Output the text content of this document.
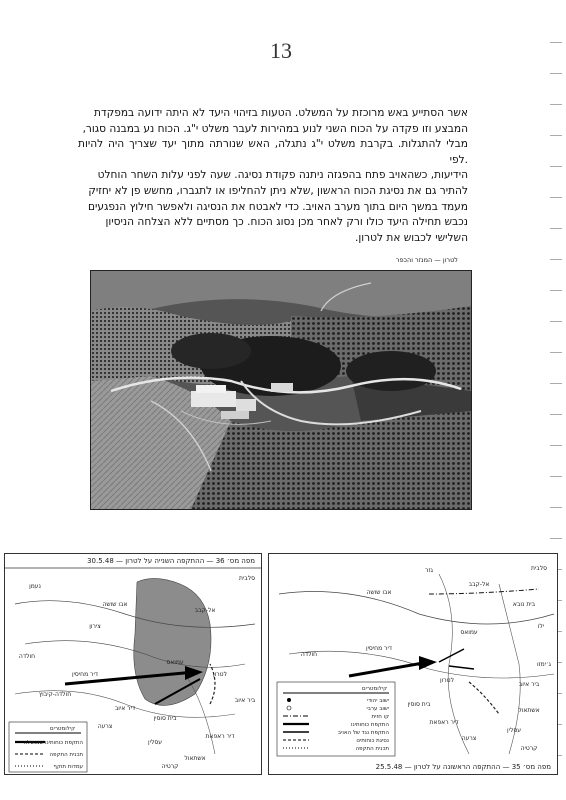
13

אשר הסתייע באש מרוכזת על המשלט. הטעות בזיהוי היעד לא היתה ידועה במפקדת

המבצע וזו פקדה על הכוח השני לנוע במהירות לעבר משלט י"ג. הכוח נע במבנה סגור,

מבלי להתגלות. בקרבת משלט י"ג נתגלה, האש שנורתה מתוך יעד שצריך היה להיות .לפי

הידיעות, כשהאויב פתח בהפגזה ניתנה פקודת נסיגה. שעה לפני עלות השחר הוחלט

להתיר גם את נסיגת הכוח הראשון ,שלא ניתן להחליפו או לתגברו, מחשש פן לא יחזיק

מעמד במשך היום בתוך מערב האויב. כדי לאבטח את הנסיגה ולאפשר חילוץ הנפגעים

נכבש תחילה היעד כולו ורק לאחר מכן נסוג הכוח. כך מסתיים ללא הצלחה הניסיון

השלישי לכבוש את לטרון.

לטרון — המנזר והכפר
מפה מס׳ 36 — ההתקפה השנייה על לטרון — 30.5.48
סלבית
נעמן
אל-קבב
אבו שושה
צירון
חולדה
דיר מחיסין
עמואס
לטרון
חולדה-קיבוץ
ביר איוב
בית סוסין
דיר איוב
צרעה
אשתאול
קרטיה
דיר ראפאת
עסלין
קילומטרים
התקפת כוחותינו שנכשלה
תכנית התקפה
עמדות תוקף
סלבית
גזר
אל-קבב
אבו שושה
בית נובא
ילו
עמואס
חולדה
לטרון
דיר מחיסין
בית סוסין
ביר איוב
אשתאול
עסלין
צרעה
דיר ראפאת
קרטיה
ג׳ימזו
קילומטרים
ישוב יהודי
ישוב ערבי
קו חזית
התקפת כוחותינו
התקפת נגד של האויב
נסיגת כוחותינו
תכנית התקפה
מפה מס׳ 35 — ההתקפה הראשונה על לטרון — 25.5.48
